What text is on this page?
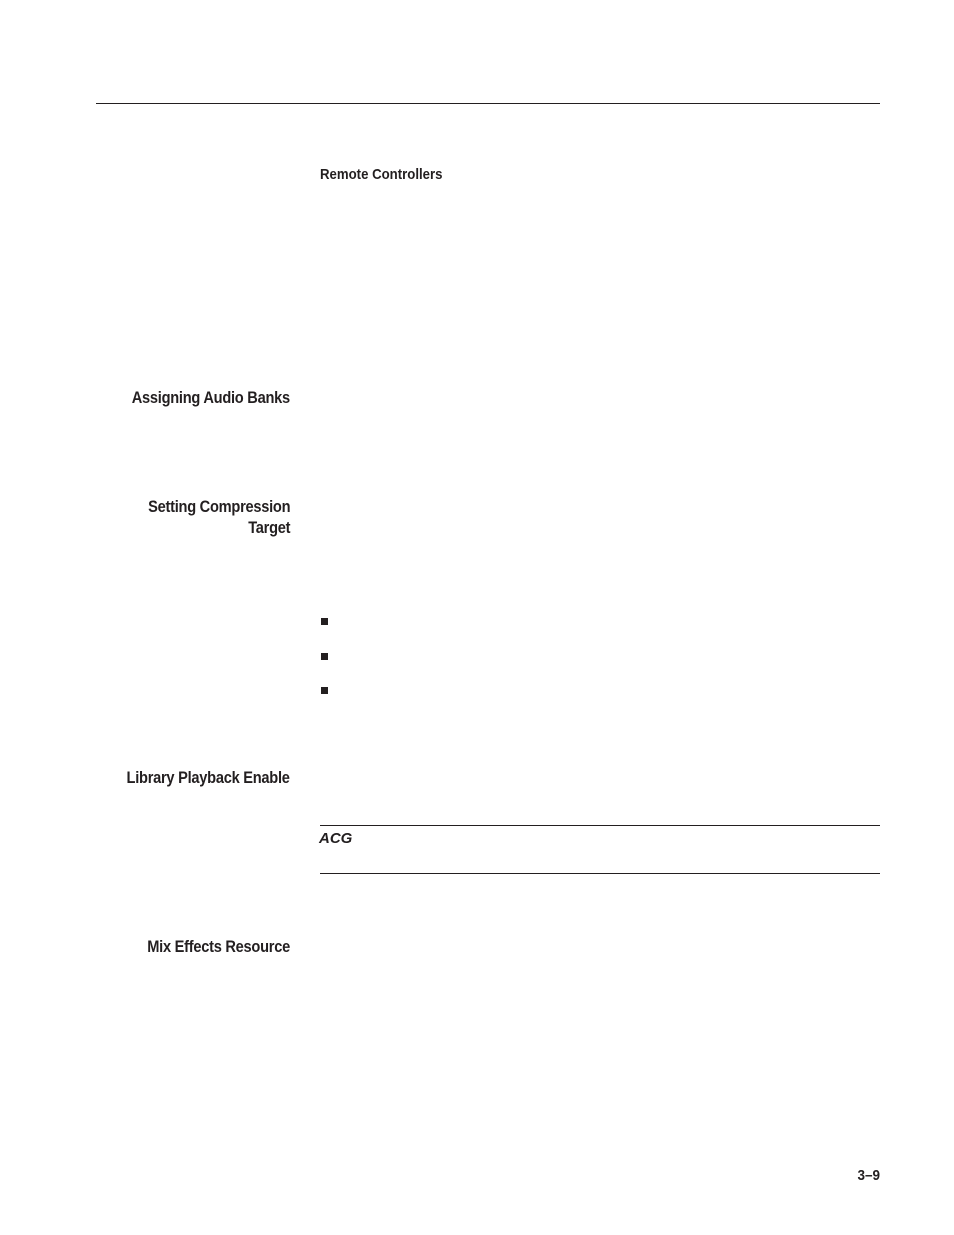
Remote Controllers
Assigning Audio Banks
Setting Compression
Target
Library Playback Enable
ACG
Mix Effects Resource
3–9
